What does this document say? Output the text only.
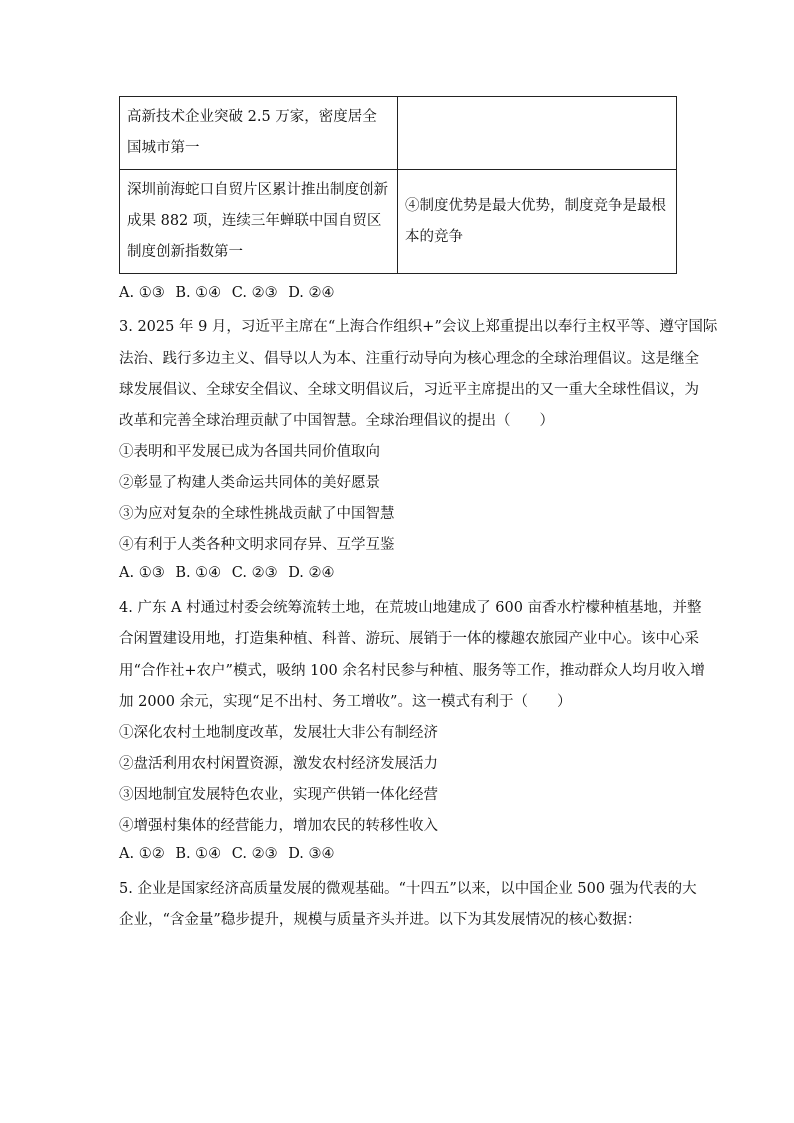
高新技术企业突破 2.5 万家，密度居全国城市第一	
深圳前海蛇口自贸片区累计推出制度创新成果 882 项，连续三年蝉联中国自贸区制度创新指数第一	④制度优势是最大优势，制度竞争是最根本的竞争
A. ①③ B. ①④ C. ②③ D. ②④
3. 2025 年 9 月，习近平主席在“上海合作组织+”会议上郑重提出以奉行主权平等、遵守国际
法治、践行多边主义、倡导以人为本、注重行动导向为核心理念的全球治理倡议。这是继全
球发展倡议、全球安全倡议、全球文明倡议后，习近平主席提出的又一重大全球性倡议，为
改革和完善全球治理贡献了中国智慧。全球治理倡议的提出（　　）
①表明和平发展已成为各国共同价值取向
②彰显了构建人类命运共同体的美好愿景
③为应对复杂的全球性挑战贡献了中国智慧
④有利于人类各种文明求同存异、互学互鉴
A. ①③ B. ①④ C. ②③ D. ②④
4. 广东 A 村通过村委会统筹流转土地，在荒坡山地建成了 600 亩香水柠檬种植基地，并整
合闲置建设用地，打造集种植、科普、游玩、展销于一体的檬趣农旅园产业中心。该中心采
用“合作社+农户”模式，吸纳 100 余名村民参与种植、服务等工作，推动群众人均月收入增
加 2000 余元，实现“足不出村、务工增收”。这一模式有利于（　　）
①深化农村土地制度改革，发展壮大非公有制经济
②盘活利用农村闲置资源，激发农村经济发展活力
③因地制宜发展特色农业，实现产供销一体化经营
④增强村集体的经营能力，增加农民的转移性收入
A. ①② B. ①④ C. ②③ D. ③④
5. 企业是国家经济高质量发展的微观基础。“十四五”以来，以中国企业 500 强为代表的大
企业，“含金量”稳步提升，规模与质量齐头并进。以下为其发展情况的核心数据：
